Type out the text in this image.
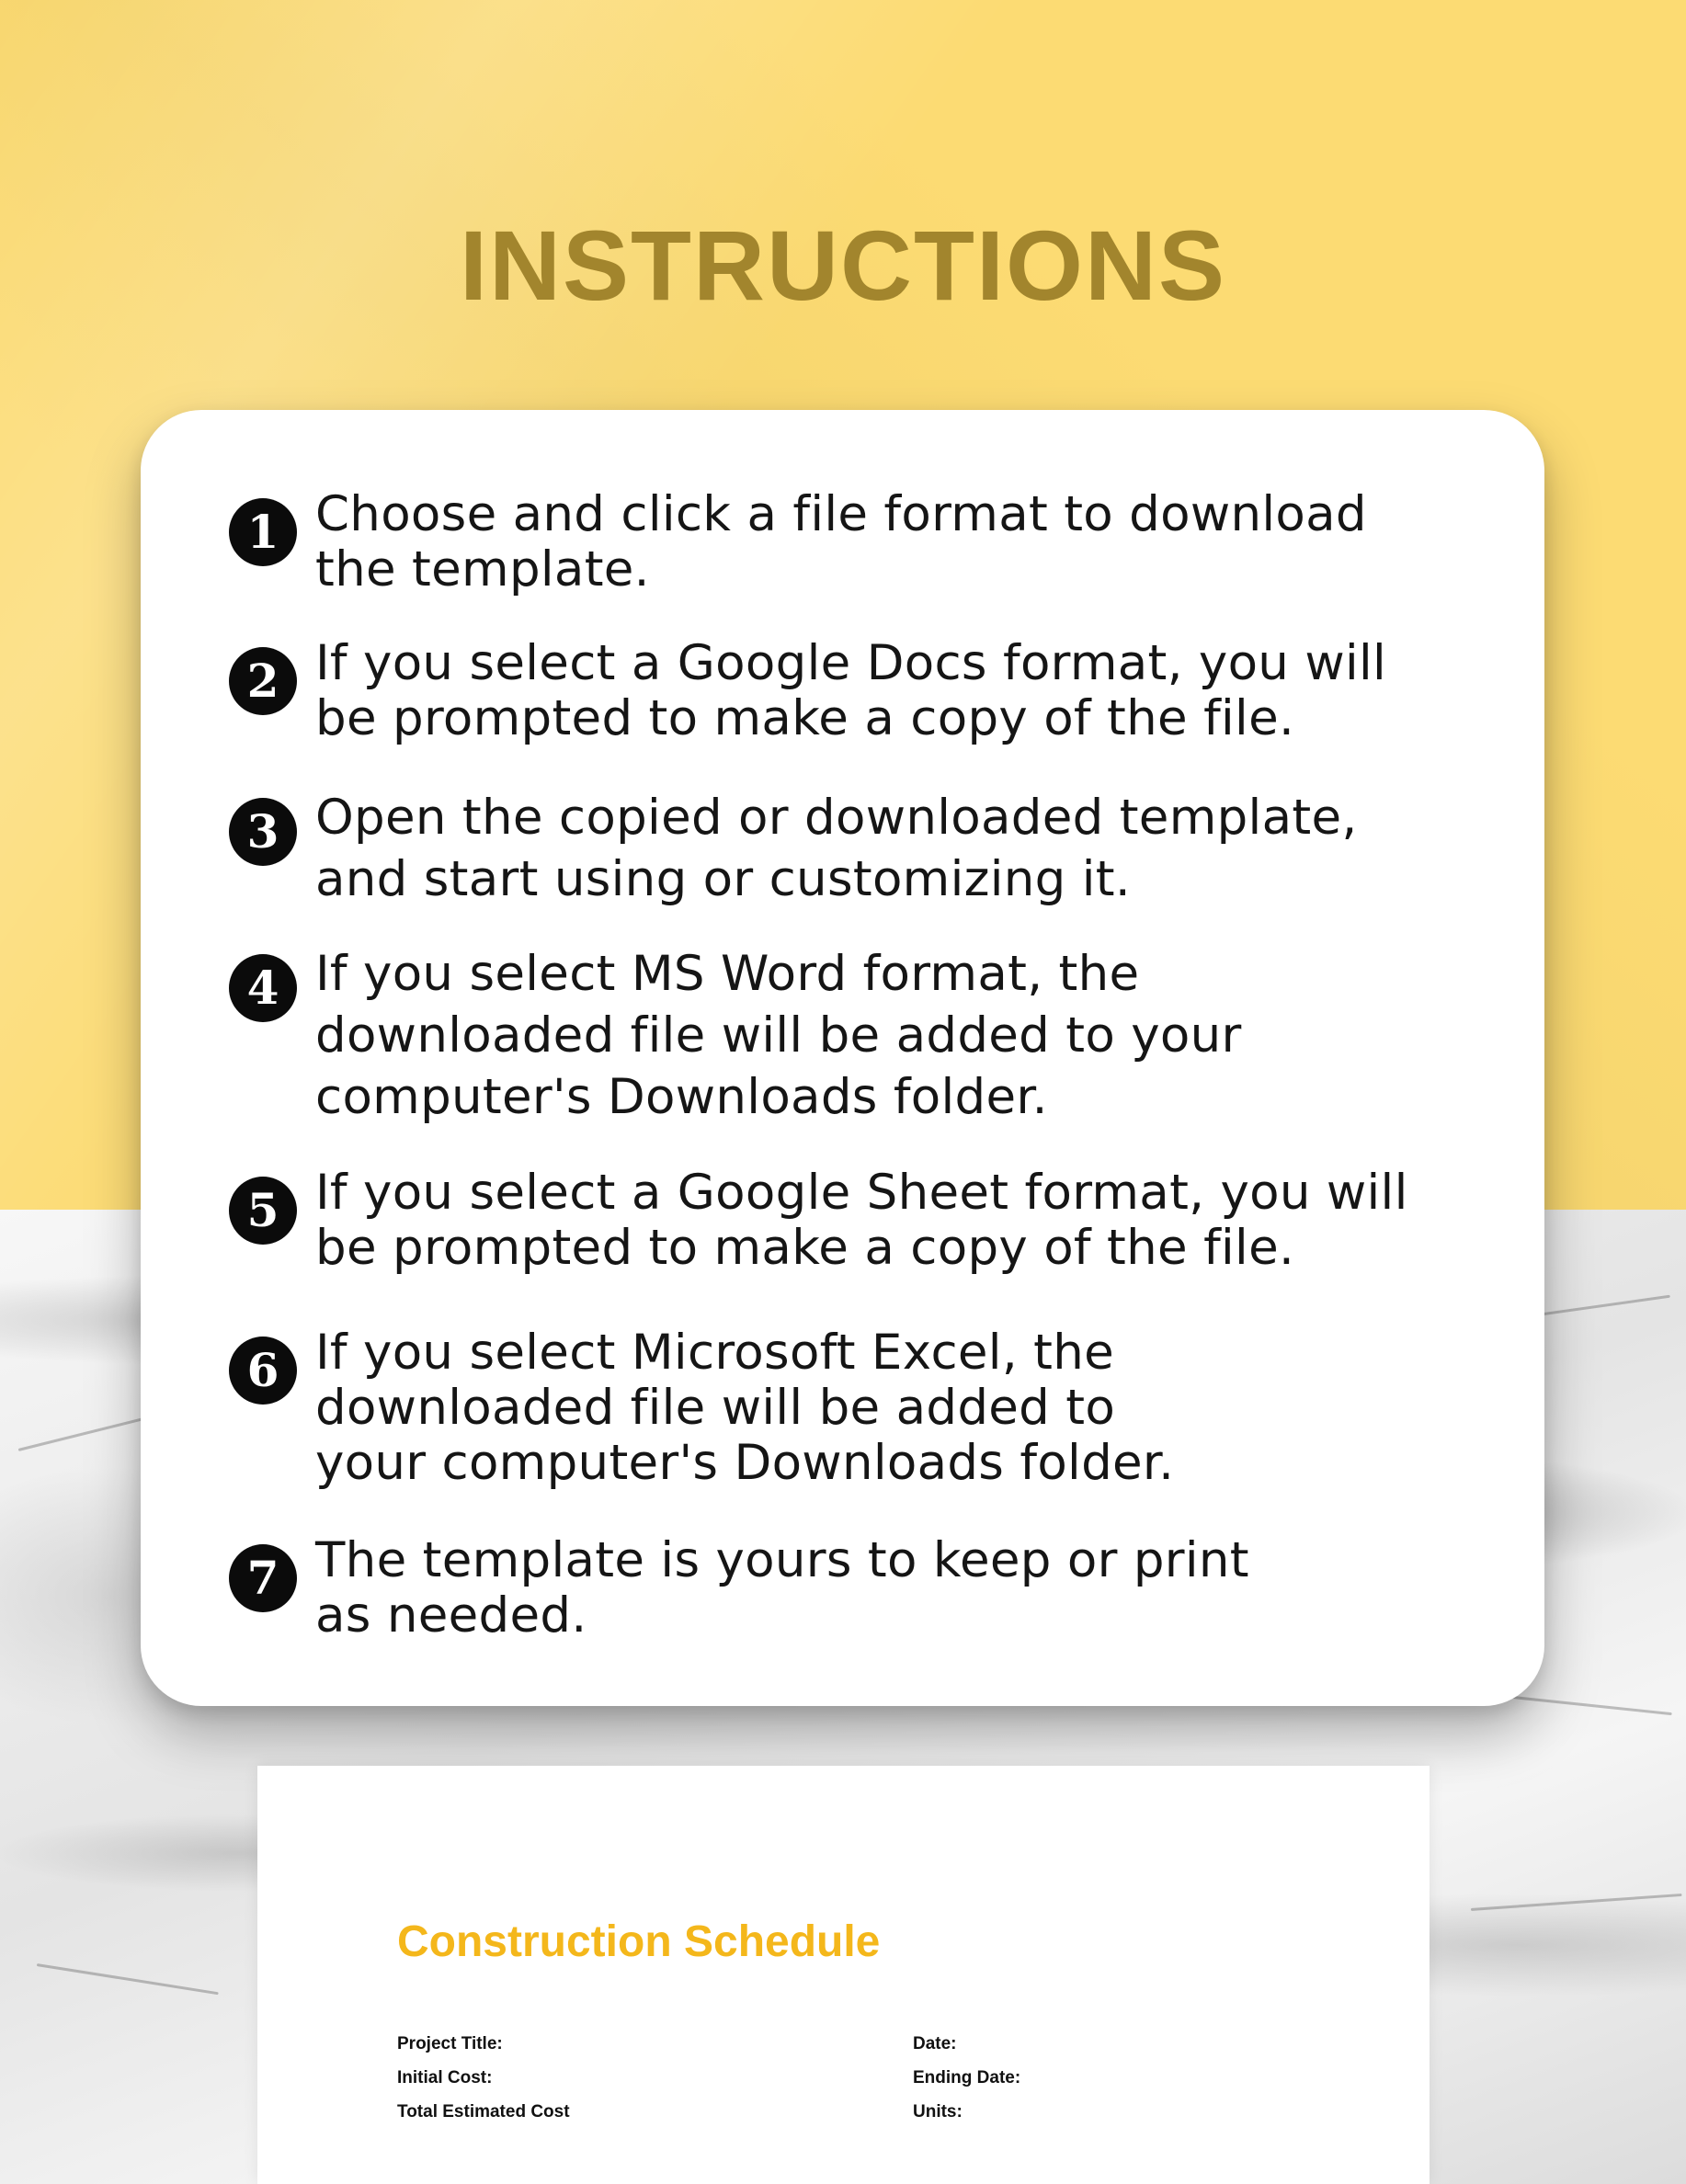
INSTRUCTIONS
1 Choose and click a file format to download
the template.
2 If you select a Google Docs format, you will
be prompted to make a copy of the file.
3 Open the copied or downloaded template,
and start using or customizing it.
4 If you select MS Word format, the
downloaded file will be added to your
computer's Downloads folder.
5 If you select a Google Sheet format, you will
be prompted to make a copy of the file.
6 If you select Microsoft Excel, the
downloaded file will be added to
your computer's Downloads folder.
7 The template is yours to keep or print
as needed.
Construction Schedule
Project Title:
Initial Cost:
Total Estimated Cost
Date:
Ending Date:
Units:
